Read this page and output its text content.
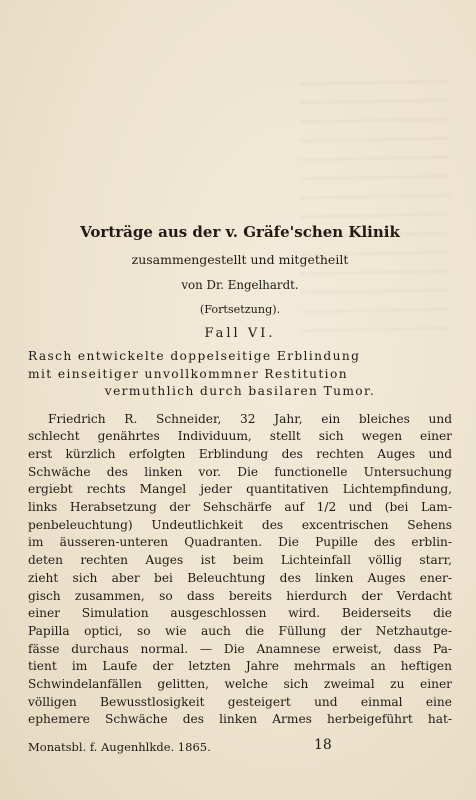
Vorträge aus der v. Gräfe'schen Klinik
zusammengestellt und mitgetheilt
von Dr. Engelhardt.
(Fortsetzung).
Fall VI.
Rasch entwickelte doppelseitige Erblindung
mit einseitiger unvollkommner Restitution
vermuthlich durch basilaren Tumor.
Friedrich R. Schneider, 32 Jahr, ein bleiches und
schlecht genährtes Individuum, stellt sich wegen einer
erst kürzlich erfolgten Erblindung des rechten Auges und
Schwäche des linken vor. Die functionelle Untersuchung
ergiebt rechts Mangel jeder quantitativen Lichtempfindung,
links Herabsetzung der Sehschärfe auf 1/2 und (bei Lam-
penbeleuchtung) Undeutlichkeit des excentrischen Sehens
im äusseren-unteren Quadranten. Die Pupille des erblin-
deten rechten Auges ist beim Lichteinfall völlig starr,
zieht sich aber bei Beleuchtung des linken Auges ener-
gisch zusammen, so dass bereits hierdurch der Verdacht
einer Simulation ausgeschlossen wird. Beiderseits die
Papilla optici, so wie auch die Füllung der Netzhautge-
fässe durchaus normal. — Die Anamnese erweist, dass Pa-
tient im Laufe der letzten Jahre mehrmals an heftigen
Schwindelanfällen gelitten, welche sich zweimal zu einer
völligen Bewusstlosigkeit gesteigert und einmal eine
ephemere Schwäche des linken Armes herbeigeführt hat-
Monatsbl. f. Augenhlkde. 1865.	18
